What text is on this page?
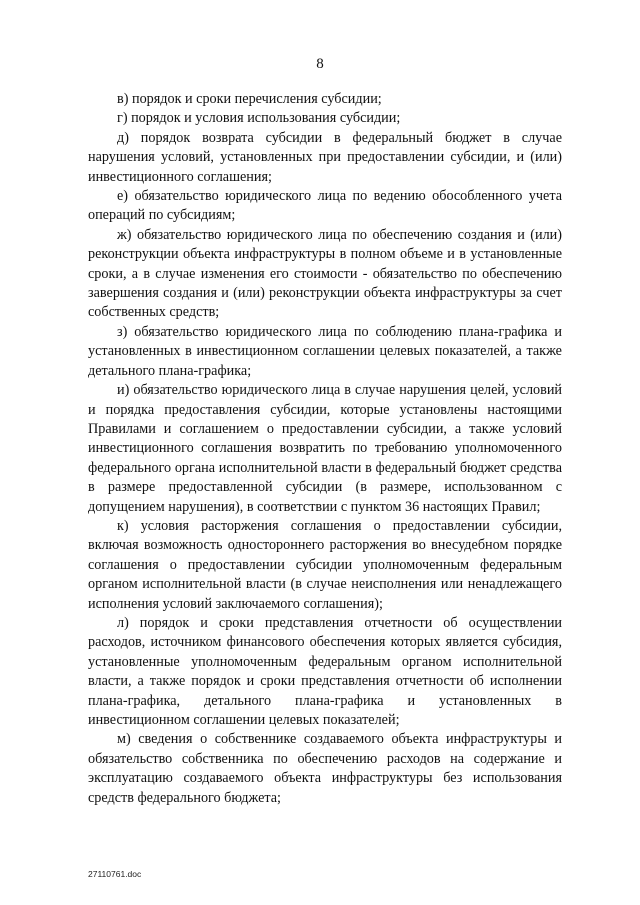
8

в) порядок и сроки перечисления субсидии;

г) порядок и условия использования субсидии;

д) порядок возврата субсидии в федеральный бюджет в случае нарушения условий, установленных при предоставлении субсидии, и (или) инвестиционного соглашения;

е) обязательство юридического лица по ведению обособленного учета операций по субсидиям;

ж) обязательство юридического лица по обеспечению создания и (или) реконструкции объекта инфраструктуры в полном объеме и в установленные сроки, а в случае изменения его стоимости - обязательство по обеспечению завершения создания и (или) реконструкции объекта инфраструктуры за счет собственных средств;

з) обязательство юридического лица по соблюдению плана-графика и установленных в инвестиционном соглашении целевых показателей, а также детального плана-графика;

и) обязательство юридического лица в случае нарушения целей, условий и порядка предоставления субсидии, которые установлены настоящими Правилами и соглашением о предоставлении субсидии, а также условий инвестиционного соглашения возвратить по требованию уполномоченного федерального органа исполнительной власти в федеральный бюджет средства в размере предоставленной субсидии (в размере, использованном с допущением нарушения), в соответствии с пунктом 36 настоящих Правил;

к) условия расторжения соглашения о предоставлении субсидии, включая возможность одностороннего расторжения во внесудебном порядке соглашения о предоставлении субсидии уполномоченным федеральным органом исполнительной власти (в случае неисполнения или ненадлежащего исполнения условий заключаемого соглашения);

л) порядок и сроки представления отчетности об осуществлении расходов, источником финансового обеспечения которых является субсидия, установленные уполномоченным федеральным органом исполнительной власти, а также порядок и сроки представления отчетности об исполнении плана-графика, детального плана-графика и установленных в инвестиционном соглашении целевых показателей;

м) сведения о собственнике создаваемого объекта инфраструктуры и обязательство собственника по обеспечению расходов на содержание и эксплуатацию создаваемого объекта инфраструктуры без использования средств федерального бюджета;

27110761.doc
